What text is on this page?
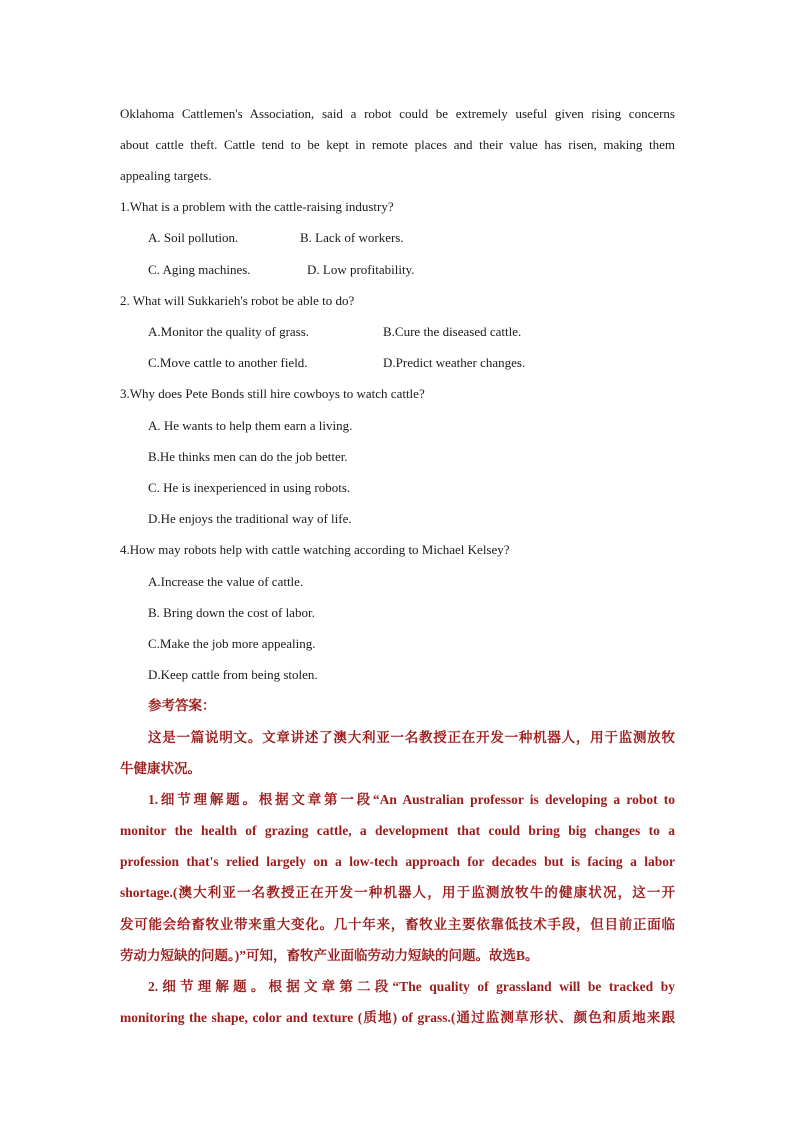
Oklahoma Cattlemen's Association, said a robot could be extremely useful given rising concerns
about cattle theft. Cattle tend to be kept in remote places and their value has risen, making them
appealing targets.
1.What is a problem with the cattle-raising industry?
A. Soil pollution.	B. Lack of workers.
C. Aging machines.	D. Low profitability.
2. What will Sukkarieh's robot be able to do?
A.Monitor the quality of grass.	B.Cure the diseased cattle.
C.Move cattle to another field.	D.Predict weather changes.
3.Why does Pete Bonds still hire cowboys to watch cattle?
A. He wants to help them earn a living.
B.He thinks men can do the job better.
C. He is inexperienced in using robots.
D.He enjoys the traditional way of life.
4.How may robots help with cattle watching according to Michael Kelsey?
A.Increase the value of cattle.
B. Bring down the cost of labor.
C.Make the job more appealing.
D.Keep cattle from being stolen.
参考答案：
这是一篇说明文。文章讲述了澳大利亚一名教授正在开发一种机器人，用于监测放牧
牛健康状况。
1.细节理解题。根据文章第一段“An Australian professor is developing a robot to
monitor the health of grazing cattle, a development that could bring big changes to a
profession that's relied largely on a low-tech approach for decades but is facing a labor
shortage.(澳大利亚一名教授正在开发一种机器人，用于监测放牧牛的健康状况，这一开
发可能会给畜牧业带来重大变化。几十年来，畜牧业主要依靠低技术手段，但目前正面临
劳动力短缺的问题。)”可知，畜牧产业面临劳动力短缺的问题。故选B。
2.细节理解题。根据文章第二段“The quality of grassland will be tracked by
monitoring the shape, color and texture (质地) of grass.(通过监测草形状、颜色和质地来跟
